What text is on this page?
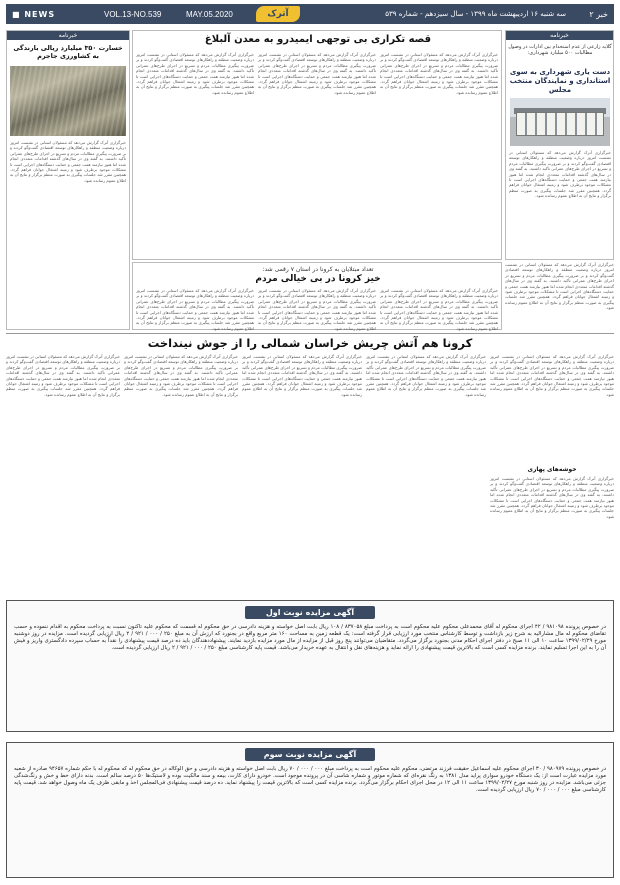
■ NEWS	VOL.13-NO.539	MAY.05.2020	آترک	سه شنبه ۱۶ اردیبهشت ماه ۱۳۹۹ - سال سیزدهم - شماره ۵۳۹	خبر ۲
خبرنامه
گلایه زارعی از عدم استخدام بین ادارات در وصول مطالبات ۵۰۰ میلیارد شهرداری:
دست یاری شهرداری به سوی استانداری و نمایندگان منتخب مجلس
خبرگزاری آترک گزارش می‌دهد که مسئولان استانی در نشست امروز درباره وضعیت منطقه و راهکارهای توسعه اقتصادی گفت‌وگو کردند و بر ضرورت پیگیری مطالبات مردم و تسریع در اجرای طرح‌های عمرانی تأکید داشتند. به گفته وی در سال‌های گذشته اقدامات متعددی انجام شده اما هنوز نیازمند همت جمعی و حمایت دستگاه‌های اجرایی است تا مشکلات موجود برطرف شود و زمینه اشتغال جوانان فراهم گردد. همچنین مقرر شد جلسات پیگیری به صورت منظم برگزار و نتایج آن به اطلاع عموم رسانده شود.
قصه تکراری بی توجهی ایمیدرو به معدن آلبلاغ
خبرگزاری آترک گزارش می‌دهد که مسئولان استانی در نشست امروز درباره وضعیت منطقه و راهکارهای توسعه اقتصادی گفت‌وگو کردند و بر ضرورت پیگیری مطالبات مردم و تسریع در اجرای طرح‌های عمرانی تأکید داشتند. به گفته وی در سال‌های گذشته اقدامات متعددی انجام شده اما هنوز نیازمند همت جمعی و حمایت دستگاه‌های اجرایی است تا مشکلات موجود برطرف شود و زمینه اشتغال جوانان فراهم گردد. همچنین مقرر شد جلسات پیگیری به صورت منظم برگزار و نتایج آن به اطلاع عموم رسانده شود.
خبرگزاری آترک گزارش می‌دهد که مسئولان استانی در نشست امروز درباره وضعیت منطقه و راهکارهای توسعه اقتصادی گفت‌وگو کردند و بر ضرورت پیگیری مطالبات مردم و تسریع در اجرای طرح‌های عمرانی تأکید داشتند. به گفته وی در سال‌های گذشته اقدامات متعددی انجام شده اما هنوز نیازمند همت جمعی و حمایت دستگاه‌های اجرایی است تا مشکلات موجود برطرف شود و زمینه اشتغال جوانان فراهم گردد. همچنین مقرر شد جلسات پیگیری به صورت منظم برگزار و نتایج آن به اطلاع عموم رسانده شود.
خبرگزاری آترک گزارش می‌دهد که مسئولان استانی در نشست امروز درباره وضعیت منطقه و راهکارهای توسعه اقتصادی گفت‌وگو کردند و بر ضرورت پیگیری مطالبات مردم و تسریع در اجرای طرح‌های عمرانی تأکید داشتند. به گفته وی در سال‌های گذشته اقدامات متعددی انجام شده اما هنوز نیازمند همت جمعی و حمایت دستگاه‌های اجرایی است تا مشکلات موجود برطرف شود و زمینه اشتغال جوانان فراهم گردد. همچنین مقرر شد جلسات پیگیری به صورت منظم برگزار و نتایج آن به اطلاع عموم رسانده شود.
خبرنامه
خسارت ۳۵۰ میلیارد ریالی بارندگی به کشاورزی جاجرم
خبرگزاری آترک گزارش می‌دهد که مسئولان استانی در نشست امروز درباره وضعیت منطقه و راهکارهای توسعه اقتصادی گفت‌وگو کردند و بر ضرورت پیگیری مطالبات مردم و تسریع در اجرای طرح‌های عمرانی تأکید داشتند. به گفته وی در سال‌های گذشته اقدامات متعددی انجام شده اما هنوز نیازمند همت جمعی و حمایت دستگاه‌های اجرایی است تا مشکلات موجود برطرف شود و زمینه اشتغال جوانان فراهم گردد. همچنین مقرر شد جلسات پیگیری به صورت منظم برگزار و نتایج آن به اطلاع عموم رسانده شود.
تعداد مبتلایان به کرونا در استان ۷ رقمی شد:
خیز کرونا در بی خیالی مردم
خبرگزاری آترک گزارش می‌دهد که مسئولان استانی در نشست امروز درباره وضعیت منطقه و راهکارهای توسعه اقتصادی گفت‌وگو کردند و بر ضرورت پیگیری مطالبات مردم و تسریع در اجرای طرح‌های عمرانی تأکید داشتند. به گفته وی در سال‌های گذشته اقدامات متعددی انجام شده اما هنوز نیازمند همت جمعی و حمایت دستگاه‌های اجرایی است تا مشکلات موجود برطرف شود و زمینه اشتغال جوانان فراهم گردد. همچنین مقرر شد جلسات پیگیری به صورت منظم برگزار و نتایج آن به اطلاع عموم رسانده شود.
خبرگزاری آترک گزارش می‌دهد که مسئولان استانی در نشست امروز درباره وضعیت منطقه و راهکارهای توسعه اقتصادی گفت‌وگو کردند و بر ضرورت پیگیری مطالبات مردم و تسریع در اجرای طرح‌های عمرانی تأکید داشتند. به گفته وی در سال‌های گذشته اقدامات متعددی انجام شده اما هنوز نیازمند همت جمعی و حمایت دستگاه‌های اجرایی است تا مشکلات موجود برطرف شود و زمینه اشتغال جوانان فراهم گردد. همچنین مقرر شد جلسات پیگیری به صورت منظم برگزار و نتایج آن به اطلاع عموم رسانده شود.
خبرگزاری آترک گزارش می‌دهد که مسئولان استانی در نشست امروز درباره وضعیت منطقه و راهکارهای توسعه اقتصادی گفت‌وگو کردند و بر ضرورت پیگیری مطالبات مردم و تسریع در اجرای طرح‌های عمرانی تأکید داشتند. به گفته وی در سال‌های گذشته اقدامات متعددی انجام شده اما هنوز نیازمند همت جمعی و حمایت دستگاه‌های اجرایی است تا مشکلات موجود برطرف شود و زمینه اشتغال جوانان فراهم گردد. همچنین مقرر شد جلسات پیگیری به صورت منظم برگزار و نتایج آن به اطلاع عموم رسانده شود.
خبرگزاری آترک گزارش می‌دهد که مسئولان استانی در نشست امروز درباره وضعیت منطقه و راهکارهای توسعه اقتصادی گفت‌وگو کردند و بر ضرورت پیگیری مطالبات مردم و تسریع در اجرای طرح‌های عمرانی تأکید داشتند. به گفته وی در سال‌های گذشته اقدامات متعددی انجام شده اما هنوز نیازمند همت جمعی و حمایت دستگاه‌های اجرایی است تا مشکلات موجود برطرف شود و زمینه اشتغال جوانان فراهم گردد. همچنین مقرر شد جلسات پیگیری به صورت منظم برگزار و نتایج آن به اطلاع عموم رسانده شود.
کرونا هم آتش چریش خراسان شمالی را از جوش نینداخت
خبرگزاری آترک گزارش می‌دهد که مسئولان استانی در نشست امروز درباره وضعیت منطقه و راهکارهای توسعه اقتصادی گفت‌وگو کردند و بر ضرورت پیگیری مطالبات مردم و تسریع در اجرای طرح‌های عمرانی تأکید داشتند. به گفته وی در سال‌های گذشته اقدامات متعددی انجام شده اما هنوز نیازمند همت جمعی و حمایت دستگاه‌های اجرایی است تا مشکلات موجود برطرف شود و زمینه اشتغال جوانان فراهم گردد. همچنین مقرر شد جلسات پیگیری به صورت منظم برگزار و نتایج آن به اطلاع عموم رسانده شود.
خبرگزاری آترک گزارش می‌دهد که مسئولان استانی در نشست امروز درباره وضعیت منطقه و راهکارهای توسعه اقتصادی گفت‌وگو کردند و بر ضرورت پیگیری مطالبات مردم و تسریع در اجرای طرح‌های عمرانی تأکید داشتند. به گفته وی در سال‌های گذشته اقدامات متعددی انجام شده اما هنوز نیازمند همت جمعی و حمایت دستگاه‌های اجرایی است تا مشکلات موجود برطرف شود و زمینه اشتغال جوانان فراهم گردد. همچنین مقرر شد جلسات پیگیری به صورت منظم برگزار و نتایج آن به اطلاع عموم رسانده شود.
خبرگزاری آترک گزارش می‌دهد که مسئولان استانی در نشست امروز درباره وضعیت منطقه و راهکارهای توسعه اقتصادی گفت‌وگو کردند و بر ضرورت پیگیری مطالبات مردم و تسریع در اجرای طرح‌های عمرانی تأکید داشتند. به گفته وی در سال‌های گذشته اقدامات متعددی انجام شده اما هنوز نیازمند همت جمعی و حمایت دستگاه‌های اجرایی است تا مشکلات موجود برطرف شود و زمینه اشتغال جوانان فراهم گردد. همچنین مقرر شد جلسات پیگیری به صورت منظم برگزار و نتایج آن به اطلاع عموم رسانده شود.
خبرگزاری آترک گزارش می‌دهد که مسئولان استانی در نشست امروز درباره وضعیت منطقه و راهکارهای توسعه اقتصادی گفت‌وگو کردند و بر ضرورت پیگیری مطالبات مردم و تسریع در اجرای طرح‌های عمرانی تأکید داشتند. به گفته وی در سال‌های گذشته اقدامات متعددی انجام شده اما هنوز نیازمند همت جمعی و حمایت دستگاه‌های اجرایی است تا مشکلات موجود برطرف شود و زمینه اشتغال جوانان فراهم گردد. همچنین مقرر شد جلسات پیگیری به صورت منظم برگزار و نتایج آن به اطلاع عموم رسانده شود.
خبرگزاری آترک گزارش می‌دهد که مسئولان استانی در نشست امروز درباره وضعیت منطقه و راهکارهای توسعه اقتصادی گفت‌وگو کردند و بر ضرورت پیگیری مطالبات مردم و تسریع در اجرای طرح‌های عمرانی تأکید داشتند. به گفته وی در سال‌های گذشته اقدامات متعددی انجام شده اما هنوز نیازمند همت جمعی و حمایت دستگاه‌های اجرایی است تا مشکلات موجود برطرف شود و زمینه اشتغال جوانان فراهم گردد. همچنین مقرر شد جلسات پیگیری به صورت منظم برگزار و نتایج آن به اطلاع عموم رسانده شود.
خوشه‌های پهاری
خبرگزاری آترک گزارش می‌دهد که مسئولان استانی در نشست امروز درباره وضعیت منطقه و راهکارهای توسعه اقتصادی گفت‌وگو کردند و بر ضرورت پیگیری مطالبات مردم و تسریع در اجرای طرح‌های عمرانی تأکید داشتند. به گفته وی در سال‌های گذشته اقدامات متعددی انجام شده اما هنوز نیازمند همت جمعی و حمایت دستگاه‌های اجرایی است تا مشکلات موجود برطرف شود و زمینه اشتغال جوانان فراهم گردد. همچنین مقرر شد جلسات پیگیری به صورت منظم برگزار و نتایج آن به اطلاع عموم رسانده شود.
آگهی مزایده نوبت اول
در خصوص پرونده ۹۸۱۰۹۸ / ۴۲ اجرای محکوم له آقای محمدعلی محکوم علیه محکوم است به پرداخت مبلغ ۸۳۷۰۵۸ / ۱۰۸ ریال بابت اصل خواسته و هزینه دادرسی در حق محکوم له قسمت که محکوم علیه تاکنون نسبت به پرداخت محکوم به اقدام ننموده و حسب تقاضای محکوم له مال مشارالیه به شرح زیر بازداشت و توسط کارشناس منتخب مورد ارزیابی قرار گرفته است: یک قطعه زمین به مساحت ۱۶۰ متر مربع واقع در بجنورد که ارزش آن به مبلغ ۲۵۰ / ۰۰۰ / ۹۲۱ / ۲ ریال ارزیابی گردیده است. مزایده در روز دوشنبه مورخ ۱۳۹۹/۰۲/۲۹ ساعت ۱۰ الی ۱۱ صبح در دفتر اجرای احکام مدنی بجنورد برگزار می‌گردد. متقاضیان می‌توانند پنج روز قبل از مزایده از مال مورد مزایده بازدید نمایند. پیشنهاددهندگان باید ده درصد قیمت پیشنهادی را نقداً به حساب سپرده دادگستری واریز و فیش آن را به این اجرا تسلیم نمایند. برنده مزایده کسی است که بالاترین قیمت پیشنهادی را ارائه نماید و هزینه‌های نقل و انتقال به عهده خریدار می‌باشد. قیمت پایه کارشناسی مبلغ ۲۵۰ / ۰۰۰ / ۹۲۱ / ۲ ریال ارزیابی گردیده است.
آگهی مزایده نوبت سوم
در خصوص پرونده ۹۸۰۹۷۹ / ۳۰ اجرای محکوم علیه اسماعیل حقیقت فرزند مرتضی، محکوم علیه محکوم است به پرداخت مبلغ ۰۰۰ / ۰۰۰ / ۷۰ ریال بابت اصل خواسته و هزینه دادرسی و حق الوکاله در حق محکوم له که محکوم له با حکم شماره ۹۴۶۵۷ صادره از شعبه مورد مزایده عبارت است از: یک دستگاه خودرو سواری پراید مدل ۱۳۸۱ به رنگ نقره‌ای که شماره موتور و شماره شاسی آن در پرونده موجود است. خودرو دارای کارت، بیمه و سند مالکیت بوده و لاستیک‌ها ۵۰ درصد سالم است. بدنه دارای خط و خش و رنگ‌شدگی جزئی می‌باشد. مزایده در روز شنبه مورخ ۱۳۹۹/۰۲/۲۷ ساعت ۱۱ الی ۱۲ در محل اجرای احکام برگزار می‌گردد. برنده مزایده کسی است که بالاترین قیمت را پیشنهاد نماید. ده درصد قیمت پیشنهادی فی‌المجلس اخذ و مابقی ظرف یک ماه وصول خواهد شد. قیمت پایه کارشناسی مبلغ ۰۰۰ / ۰۰۰ / ۷۰ ریال ارزیابی گردیده است.
